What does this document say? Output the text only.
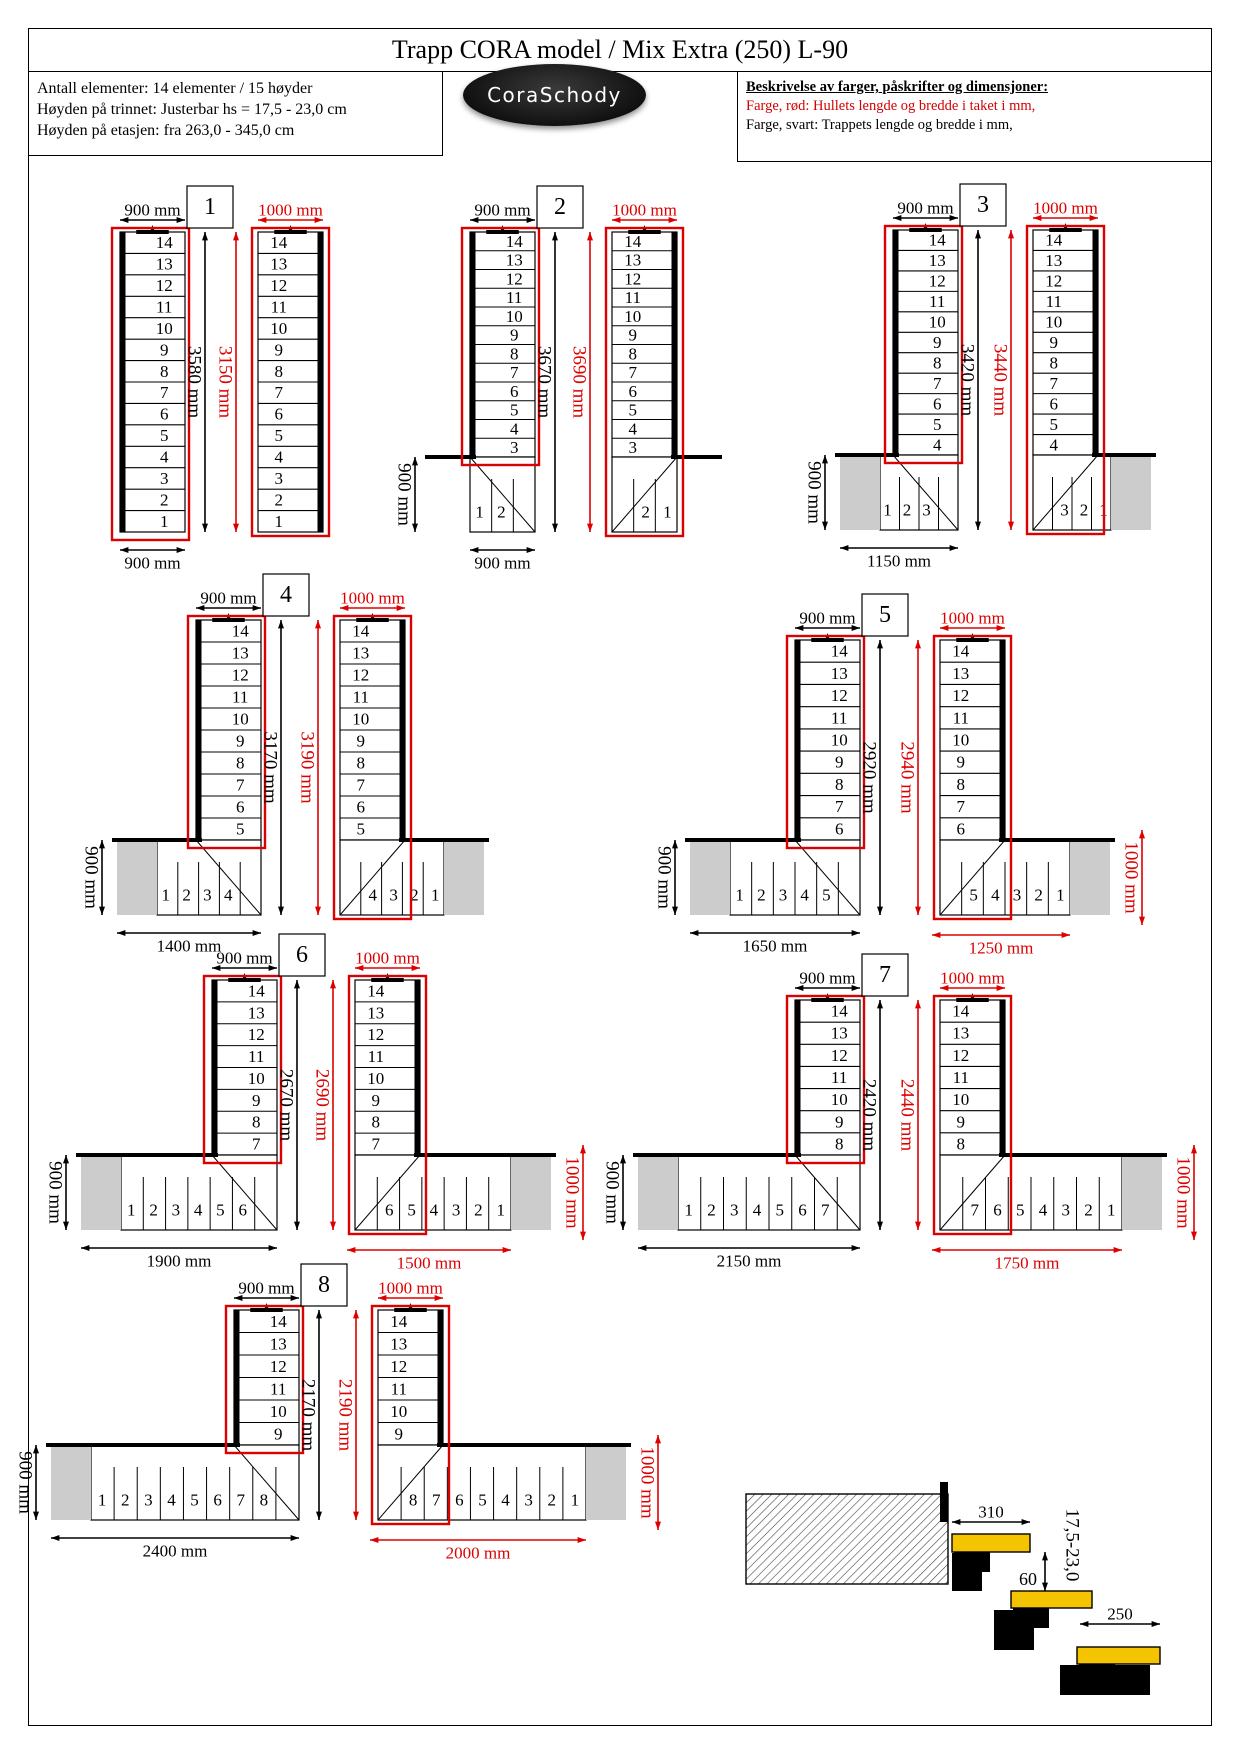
Trapp CORA model / Mix Extra (250) L-90
Antall elementer: 14 elementer / 15 høyder
Høyden på trinnet: Justerbar hs = 17,5 - 23,0 cm
Høyden på etasjen: fra 263,0 - 345,0 cm
Beskrivelse av farger, påskrifter og dimensjoner:
Farge, rød: Hullets lengde og bredde i taket i mm,
Farge, svart: Trappets lengde og bredde i mm,
CoraSchody
14
13
12
11
10
9
8
7
6
5
4
3
2
1
3580 mm
900 mm
900 mm
1
14
13
12
11
10
9
8
7
6
5
4
3
2
1
3150 mm
1000 mm
14
13
12
11
10
9
8
7
6
5
4
3
1 2
900 mm
3670 mm
900 mm
900 mm
2
14
13
12
11
10
9
8
7
6
5
4
3
1
2
3690 mm
1000 mm
14
13
12
11
10
9
8
7
6
5
4
1 2 3
900 mm
3420 mm
900 mm
1150 mm
3
14
13
12
11
10
9
8
7
6
5
4
1
2
3
3440 mm
1000 mm
14
13
12
11
10
9
8
7
6
5
1 2 3 4
900 mm
3170 mm
900 mm
1400 mm
4
14
13
12
11
10
9
8
7
6
5
1
2
3
4
3190 mm
1000 mm
14
13
12
11
10
9
8
7
6
1 2 3 4 5
900 mm
2920 mm
900 mm
1650 mm
5
14
13
12
11
10
9
8
7
6
1
2
3
4
5	1000 mm
1250 mm
2940 mm
1000 mm
14
13
12
11
10
9
8
7
1 2 3 4 5 6
900 mm
2670 mm
900 mm
1900 mm
6
14
13
12
11
10
9
8
7
1
2
3
4
5
6	1000 mm
1500 mm
2690 mm
1000 mm
14
13
12
11
10
9
8
1 2 3 4 5 6 7
900 mm
2420 mm
900 mm
2150 mm
7
14
13
12
11
10
9
8
1
2
3
4
5
6
7	1000 mm
1750 mm
2440 mm
1000 mm
14
13
12
11
10
9
1 2 3 4 5 6 7 8
900 mm
2170 mm
900 mm
2400 mm
8
14
13
12
11
10
9
1
2
3
4
5
6
7
8	1000 mm
2000 mm
2190 mm
1000 mm
310
250
60 17,5-23,0
